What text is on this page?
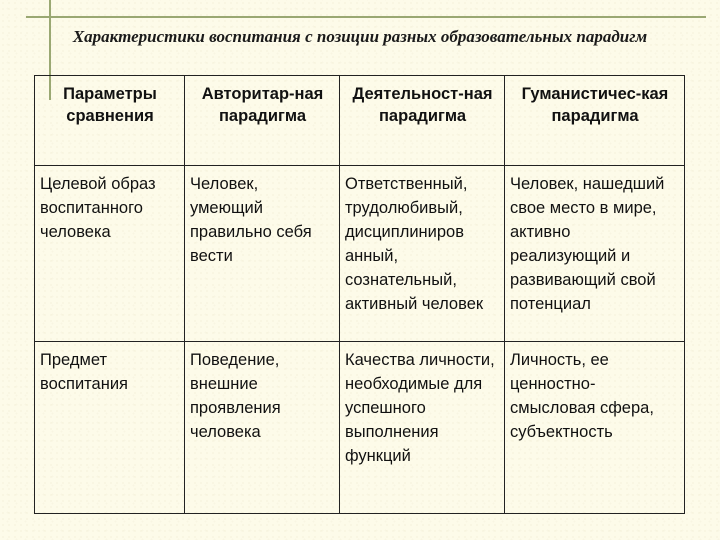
Характеристики воспитания с позиции разных образовательных парадигм
Параметры сравнения	Авторитар-ная парадигма	Деятельност-ная парадигма	Гуманистичес-кая парадигма
Целевой образ воспитанного человека	Человек, умеющий правильно себя вести	Ответственный, трудолюбивый, дисциплиниров анный, сознательный, активный человек	Человек, нашедший свое место в мире, активно реализующий и развивающий свой потенциал
Предмет воспитания	Поведение, внешние проявления человека	Качества личности, необходимые для успешного выполнения функций	Личность, ее ценностно-смысловая сфера, субъектность
